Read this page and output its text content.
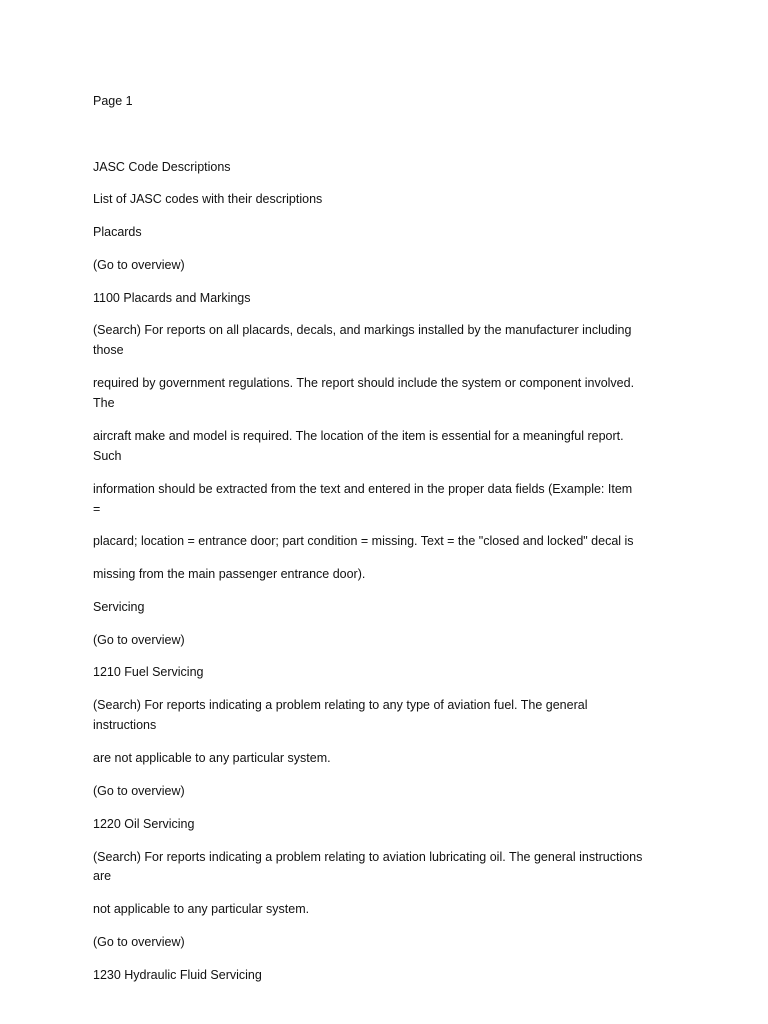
Page 1
JASC Code Descriptions
List of JASC codes with their descriptions
Placards
(Go to overview)
1100 Placards and Markings
(Search) For reports on all placards, decals, and markings installed by the manufacturer including
those
required by government regulations. The report should include the system or component involved.
The
aircraft make and model is required. The location of the item is essential for a meaningful report.
Such
information should be extracted from the text and entered in the proper data fields (Example: Item
=
placard; location = entrance door; part condition = missing. Text = the "closed and locked" decal is
missing from the main passenger entrance door).
Servicing
(Go to overview)
1210 Fuel Servicing
(Search) For reports indicating a problem relating to any type of aviation fuel. The general
instructions
are not applicable to any particular system.
(Go to overview)
1220 Oil Servicing
(Search) For reports indicating a problem relating to aviation lubricating oil. The general instructions
are
not applicable to any particular system.
(Go to overview)
1230 Hydraulic Fluid Servicing
